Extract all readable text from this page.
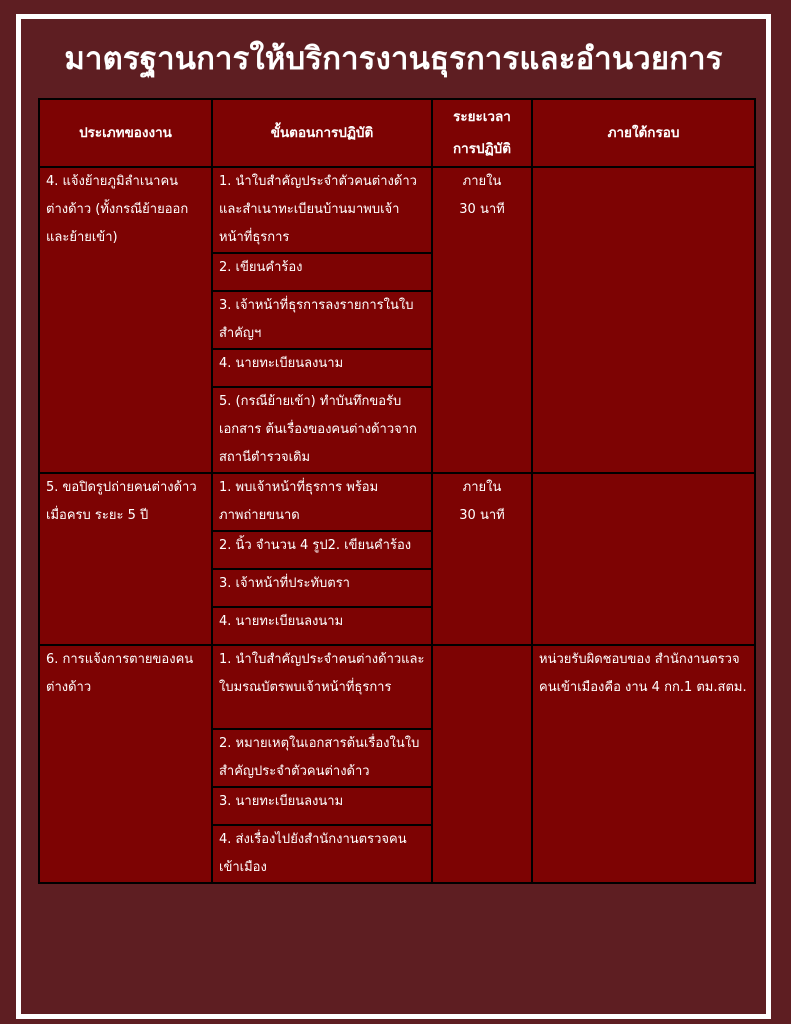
มาตรฐานการให้บริการงานธุรการและอำนวยการ
ประเภทของงาน	ขั้นตอนการปฏิบัติ	ระยะเวลา
การปฏิบัติ	ภายใต้กรอบ
4. แจ้งย้ายภูมิลำเนาคนต่างด้าว (ทั้งกรณีย้ายออกและย้ายเข้า)	1. นำใบสำคัญประจำตัวคนต่างด้าว และสำเนาทะเบียนบ้านมาพบเจ้าหน้าที่ธุรการ	ภายใน
30 นาที	

	2. เขียนคำร้อง		
	3. เจ้าหน้าที่ธุรการลงรายการในใบสำคัญฯ		
	4. นายทะเบียนลงนาม		
	5. (กรณีย้ายเข้า) ทำบันทึกขอรับเอกสาร ต้นเรื่องของคนต่างด้าวจากสถานีตำรวจเดิม		
5. ขอปิดรูปถ่ายคนต่างด้าว เมื่อครบ ระยะ 5 ปี	1. พบเจ้าหน้าที่ธุรการ พร้อมภาพถ่ายขนาด	ภายใน
30 นาที	

	2. นิ้ว จำนวน 4 รูป2. เขียนคำร้อง		
	3. เจ้าหน้าที่ประทับตรา		
	4. นายทะเบียนลงนาม		
6. การแจ้งการตายของคนต่างด้าว	1. นำใบสำคัญประจำคนต่างด้าวและใบมรณบัตรพบเจ้าหน้าที่ธุรการ		หน่วยรับผิดชอบของ สำนักงานตรวจคนเข้าเมืองคือ งาน 4 กก.1 ตม.สตม.
	2. หมายเหตุในเอกสารต้นเรื่องในใบสำคัญประจำตัวคนต่างด้าว		
	3. นายทะเบียนลงนาม		
	4. ส่งเรื่องไปยังสำนักงานตรวจคนเข้าเมือง		
